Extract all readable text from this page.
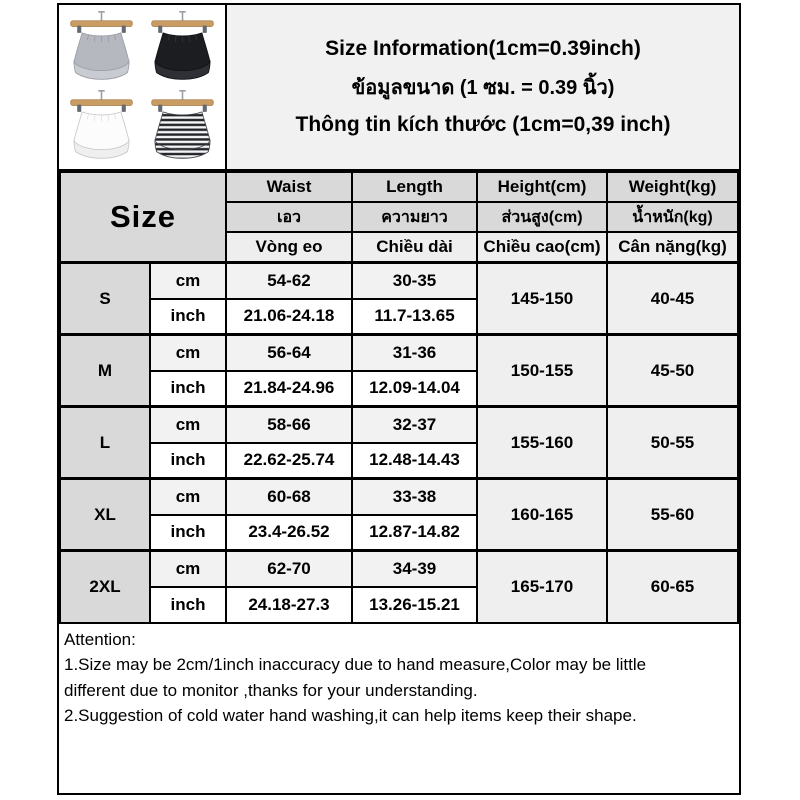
Size Information(1cm=0.39inch)
ข้อมูลขนาด (1 ซม. = 0.39 นิ้ว)
Thông tin kích thước (1cm=0,39 inch)
Size		Waist	Length	Height(cm)	Weight(kg)
		เอว	ความยาว	ส่วนสูง(cm)	น้ำหนัก(kg)
		Vòng eo	Chiều dài	Chiều cao(cm)	Cân nặng(kg)
S	cm	54-62	30-35	145-150	40-45
	inch	21.06-24.18	11.7-13.65		
M	cm	56-64	31-36	150-155	45-50
	inch	21.84-24.96	12.09-14.04		
L	cm	58-66	32-37	155-160	50-55
	inch	22.62-25.74	12.48-14.43		
XL	cm	60-68	33-38	160-165	55-60
	inch	23.4-26.52	12.87-14.82		
2XL	cm	62-70	34-39	165-170	60-65
	inch	24.18-27.3	13.26-15.21		

Attention:

1.Size may be 2cm/1inch inaccuracy due to hand measure,Color may be little different due to monitor ,thanks for your understanding.

2.Suggestion of cold water hand washing,it can help items keep their shape.
